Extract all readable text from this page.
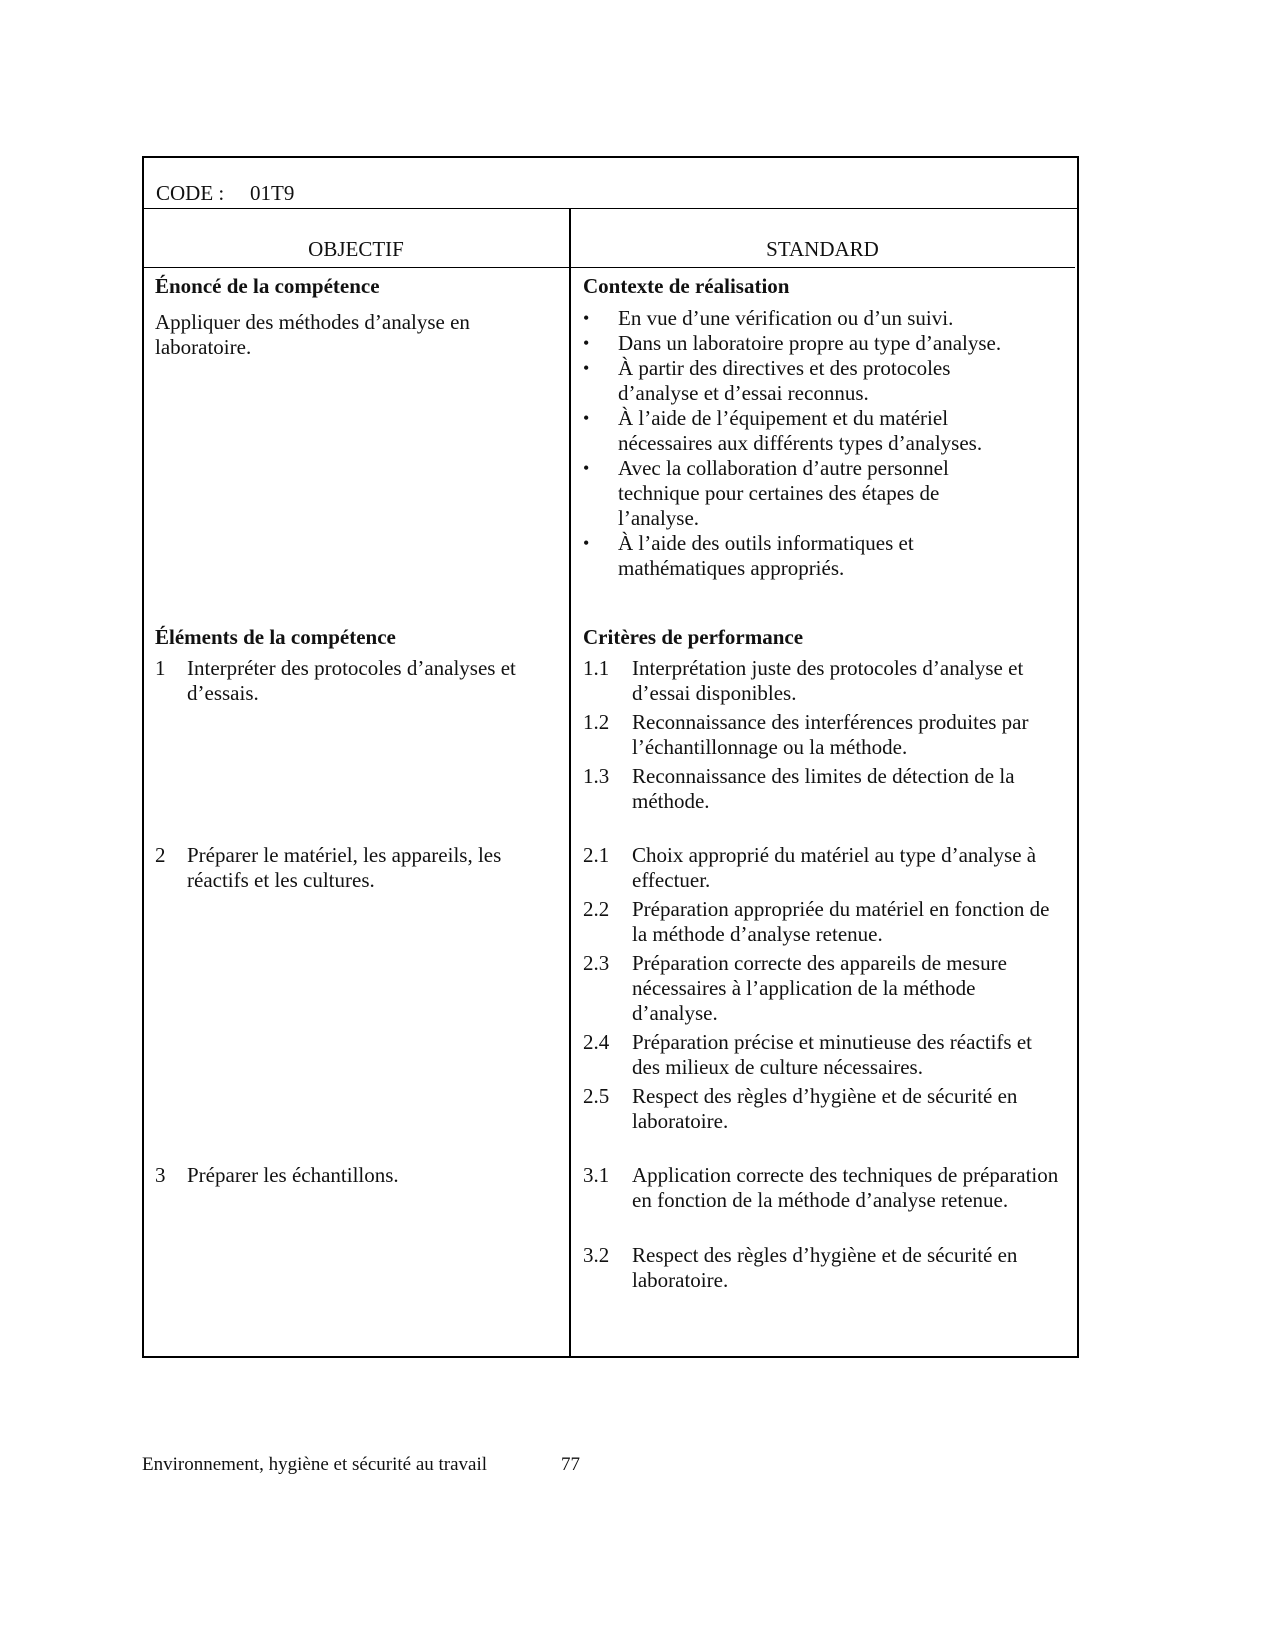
CODE : 01T9
OBJECTIF	STANDARD
Énoncé de la compétence
Appliquer des méthodes d’analyse en laboratoire.
Contexte de réalisation
• En vue d’une vérification ou d’un suivi.
• Dans un laboratoire propre au type d’analyse.
• À partir des directives et des protocoles d’analyse et d’essai reconnus.
• À l’aide de l’équipement et du matériel nécessaires aux différents types d’analyses.
• Avec la collaboration d’autre personnel technique pour certaines des étapes de l’analyse.
• À l’aide des outils informatiques et mathématiques appropriés.
Éléments de la compétence
1 Interpréter des protocoles d’analyses et d’essais.
2 Préparer le matériel, les appareils, les réactifs et les cultures.
3 Préparer les échantillons.
Critères de performance
1.1 Interprétation juste des protocoles d’analyse et d’essai disponibles.
1.2 Reconnaissance des interférences produites par l’échantillonnage ou la méthode.
1.3 Reconnaissance des limites de détection de la méthode.
2.1 Choix approprié du matériel au type d’analyse à effectuer.
2.2 Préparation appropriée du matériel en fonction de la méthode d’analyse retenue.
2.3 Préparation correcte des appareils de mesure nécessaires à l’application de la méthode d’analyse.
2.4 Préparation précise et minutieuse des réactifs et des milieux de culture nécessaires.
2.5 Respect des règles d’hygiène et de sécurité en laboratoire.
3.1 Application correcte des techniques de préparation en fonction de la méthode d’analyse retenue.
3.2 Respect des règles d’hygiène et de sécurité en laboratoire.
Environnement, hygiène et sécurité au travail	77
